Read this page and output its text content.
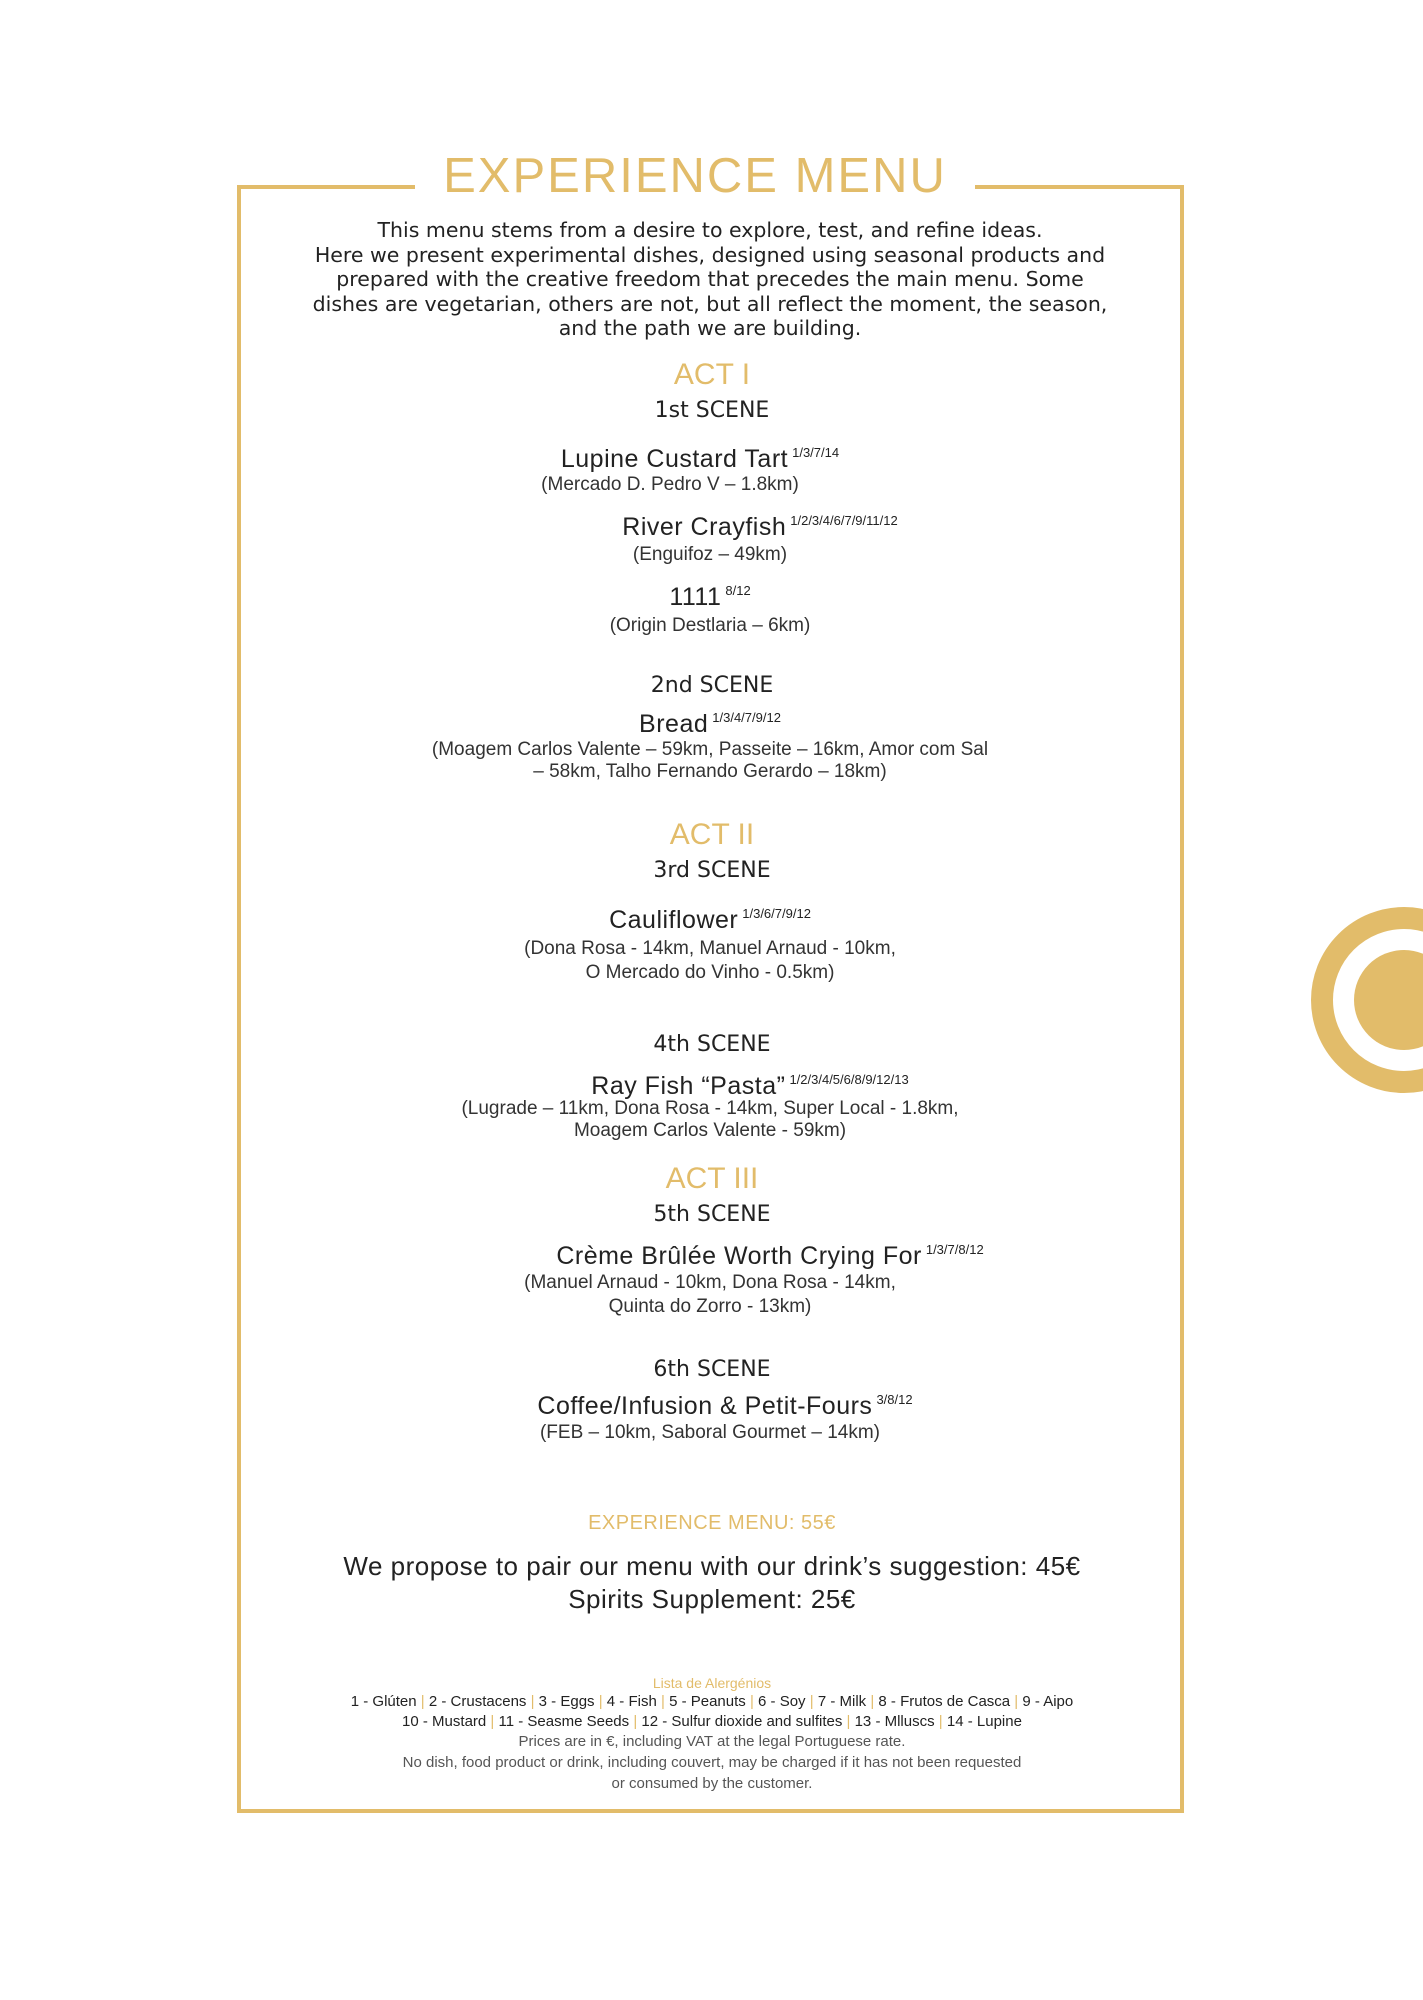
EXPERIENCE MENU
This menu stems from a desire to explore, test, and refine ideas.
Here we present experimental dishes, designed using seasonal products and
prepared with the creative freedom that precedes the main menu. Some
dishes are vegetarian, others are not, but all reflect the moment, the season,
and the path we are building.
ACT I
1st SCENE
Lupine Custard Tart $^{1/3/7/14}$
(Mercado D. Pedro V – 1.8km)
River Crayfish $^{1/2/3/4/6/7/9/11/12}$
(Enguifoz – 49km)
1111 $^{8/12}$
(Origin Destlaria – 6km)
2nd SCENE
Bread $^{1/3/4/7/9/12}$
(Moagem Carlos Valente – 59km, Passeite – 16km, Amor com Sal
– 58km, Talho Fernando Gerardo – 18km)
ACT II
3rd SCENE
Cauliflower $^{1/3/6/7/9/12}$
(Dona Rosa - 14km, Manuel Arnaud - 10km,
O Mercado do Vinho - 0.5km)
4th SCENE
Ray Fish “Pasta” $^{1/2/3/4/5/6/8/9/12/13}$
(Lugrade – 11km, Dona Rosa - 14km, Super Local - 1.8km,
Moagem Carlos Valente - 59km)
ACT III
5th SCENE
Crème Brûlée Worth Crying For $^{1/3/7/8/12}$
(Manuel Arnaud - 10km, Dona Rosa - 14km,
Quinta do Zorro - 13km)
6th SCENE
Coffee/Infusion & Petit-Fours $^{3/8/12}$
(FEB – 10km, Saboral Gourmet – 14km)
EXPERIENCE MENU: 55€
We propose to pair our menu with our drink’s suggestion: 45€
Spirits Supplement: 25€
Lista de Alergénios
1 - Glúten | 2 - Crustacens | 3 - Eggs | 4 - Fish | 5 - Peanuts | 6 - Soy | 7 - Milk | 8 - Frutos de Casca | 9 - Aipo
10 - Mustard | 11 - Seasme Seeds | 12 - Sulfur dioxide and sulfites | 13 - Mlluscs | 14 - Lupine
Prices are in €, including VAT at the legal Portuguese rate.
No dish, food product or drink, including couvert, may be charged if it has not been requested
or consumed by the customer.
